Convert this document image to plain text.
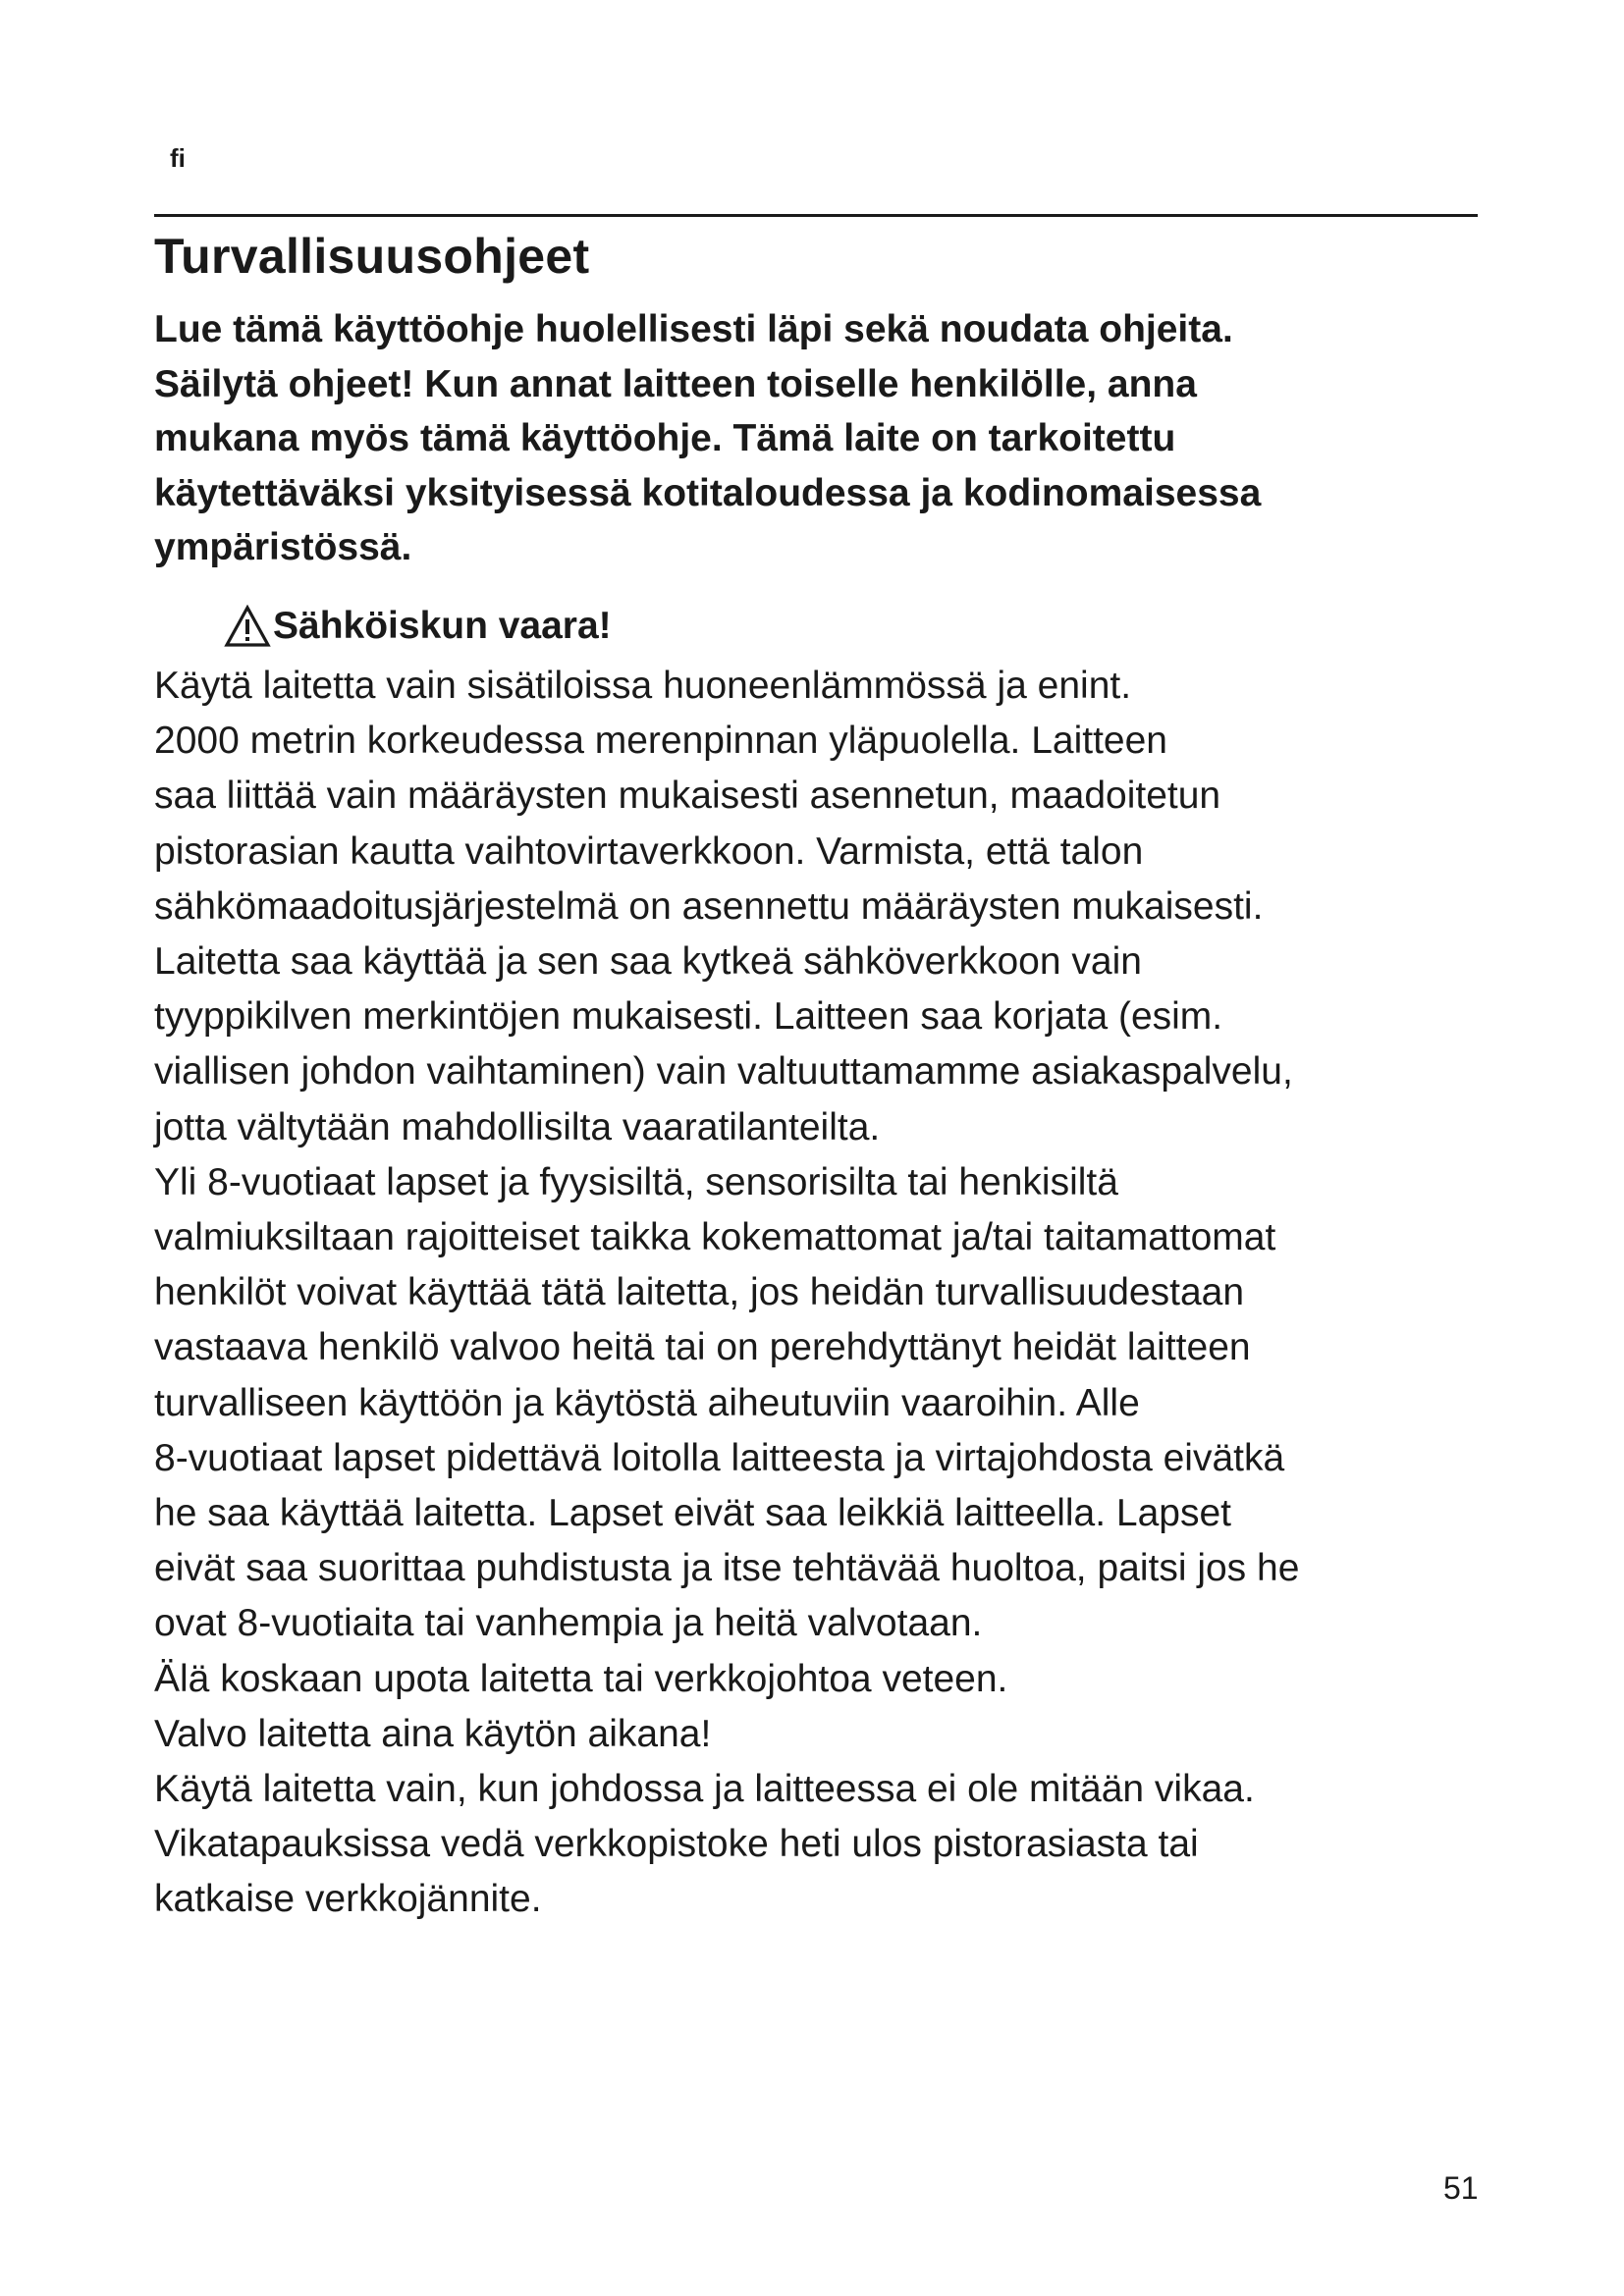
fi
Turvallisuusohjeet
Lue tämä käyttöohje huolellisesti läpi sekä noudata ohjeita.
Säilytä ohjeet! Kun annat laitteen toiselle henkilölle, anna
mukana myös tämä käyttöohje. Tämä laite on tarkoitettu
käytettäväksi yksityisessä kotitaloudessa ja kodinomaisessa
ympäristössä.
Sähköiskun vaara!
Käytä laitetta vain sisätiloissa huoneenlämmössä ja enint.
2000 metrin korkeudessa merenpinnan yläpuolella. Laitteen
saa liittää vain määräysten mukaisesti asennetun, maadoitetun
pistorasian kautta vaihtovirtaverkkoon. Varmista, että talon
sähkömaadoitusjärjestelmä on asennettu määräysten mukaisesti.
Laitetta saa käyttää ja sen saa kytkeä sähköverkkoon vain
tyyppikilven merkintöjen mukaisesti. Laitteen saa korjata (esim.
viallisen johdon vaihtaminen) vain valtuuttamamme asiakaspalvelu,
jotta vältytään mahdollisilta vaaratilanteilta.
Yli 8-vuotiaat lapset ja fyysisiltä, sensorisilta tai henkisiltä
valmiuksiltaan rajoitteiset taikka kokemattomat ja/tai taitamattomat
henkilöt voivat käyttää tätä laitetta, jos heidän turvallisuudestaan
vastaava henkilö valvoo heitä tai on perehdyttänyt heidät laitteen
turvalliseen käyttöön ja käytöstä aiheutuviin vaaroihin. Alle
8-vuotiaat lapset pidettävä loitolla laitteesta ja virtajohdosta eivätkä
he saa käyttää laitetta. Lapset eivät saa leikkiä laitteella. Lapset
eivät saa suorittaa puhdistusta ja itse tehtävää huoltoa, paitsi jos he
ovat 8-vuotiaita tai vanhempia ja heitä valvotaan.
Älä koskaan upota laitetta tai verkkojohtoa veteen.
Valvo laitetta aina käytön aikana!
Käytä laitetta vain, kun johdossa ja laitteessa ei ole mitään vikaa.
Vikatapauksissa vedä verkkopistoke heti ulos pistorasiasta tai
katkaise verkkojännite.
51
